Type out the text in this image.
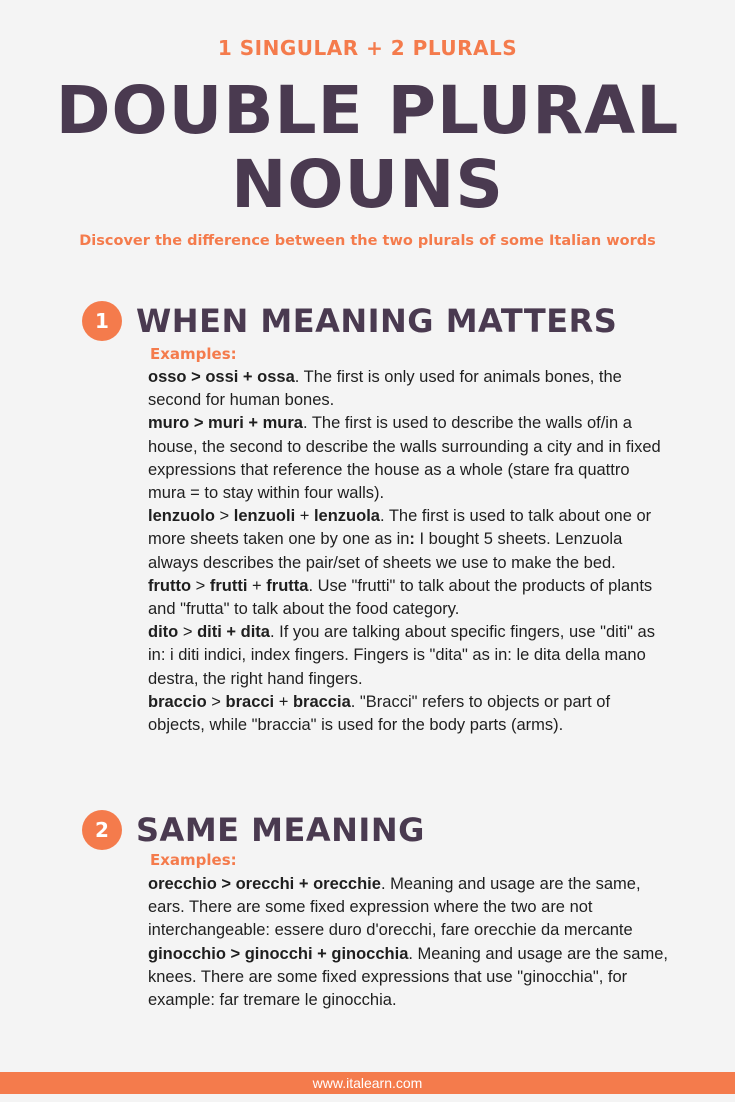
1 SINGULAR + 2 PLURALS
DOUBLE PLURAL
NOUNS
Discover the difference between the two plurals of some Italian words
1 WHEN MEANING MATTERS
Examples:

osso > ossi + ossa. The first is only used for animals bones, the second for human bones.

muro > muri + mura. The first is used to describe the walls of/in a house, the second to describe the walls surrounding a city and in fixed expressions that reference the house as a whole (stare fra quattro mura = to stay within four walls).

lenzuolo > lenzuoli + lenzuola. The first is used to talk about one or more sheets taken one by one as in: I bought 5 sheets. Lenzuola always describes the pair/set of sheets we use to make the bed.

frutto > frutti + frutta. Use "frutti" to talk about the products of plants and "frutta" to talk about the food category.

dito > diti + dita. If you are talking about specific fingers, use "diti" as in: i diti indici, index fingers. Fingers is "dita" as in: le dita della mano destra, the right hand fingers.

braccio > bracci + braccia. "Bracci" refers to objects or part of objects, while "braccia" is used for the body parts (arms).

2 SAME MEANING
Examples:

orecchio > orecchi + orecchie. Meaning and usage are the same, ears. There are some fixed expression where the two are not interchangeable: essere duro d'orecchi, fare orecchie da mercante

ginocchio > ginocchi + ginocchia. Meaning and usage are the same, knees. There are some fixed expressions that use "ginocchia", for example: far tremare le ginocchia.

www.italearn.com
